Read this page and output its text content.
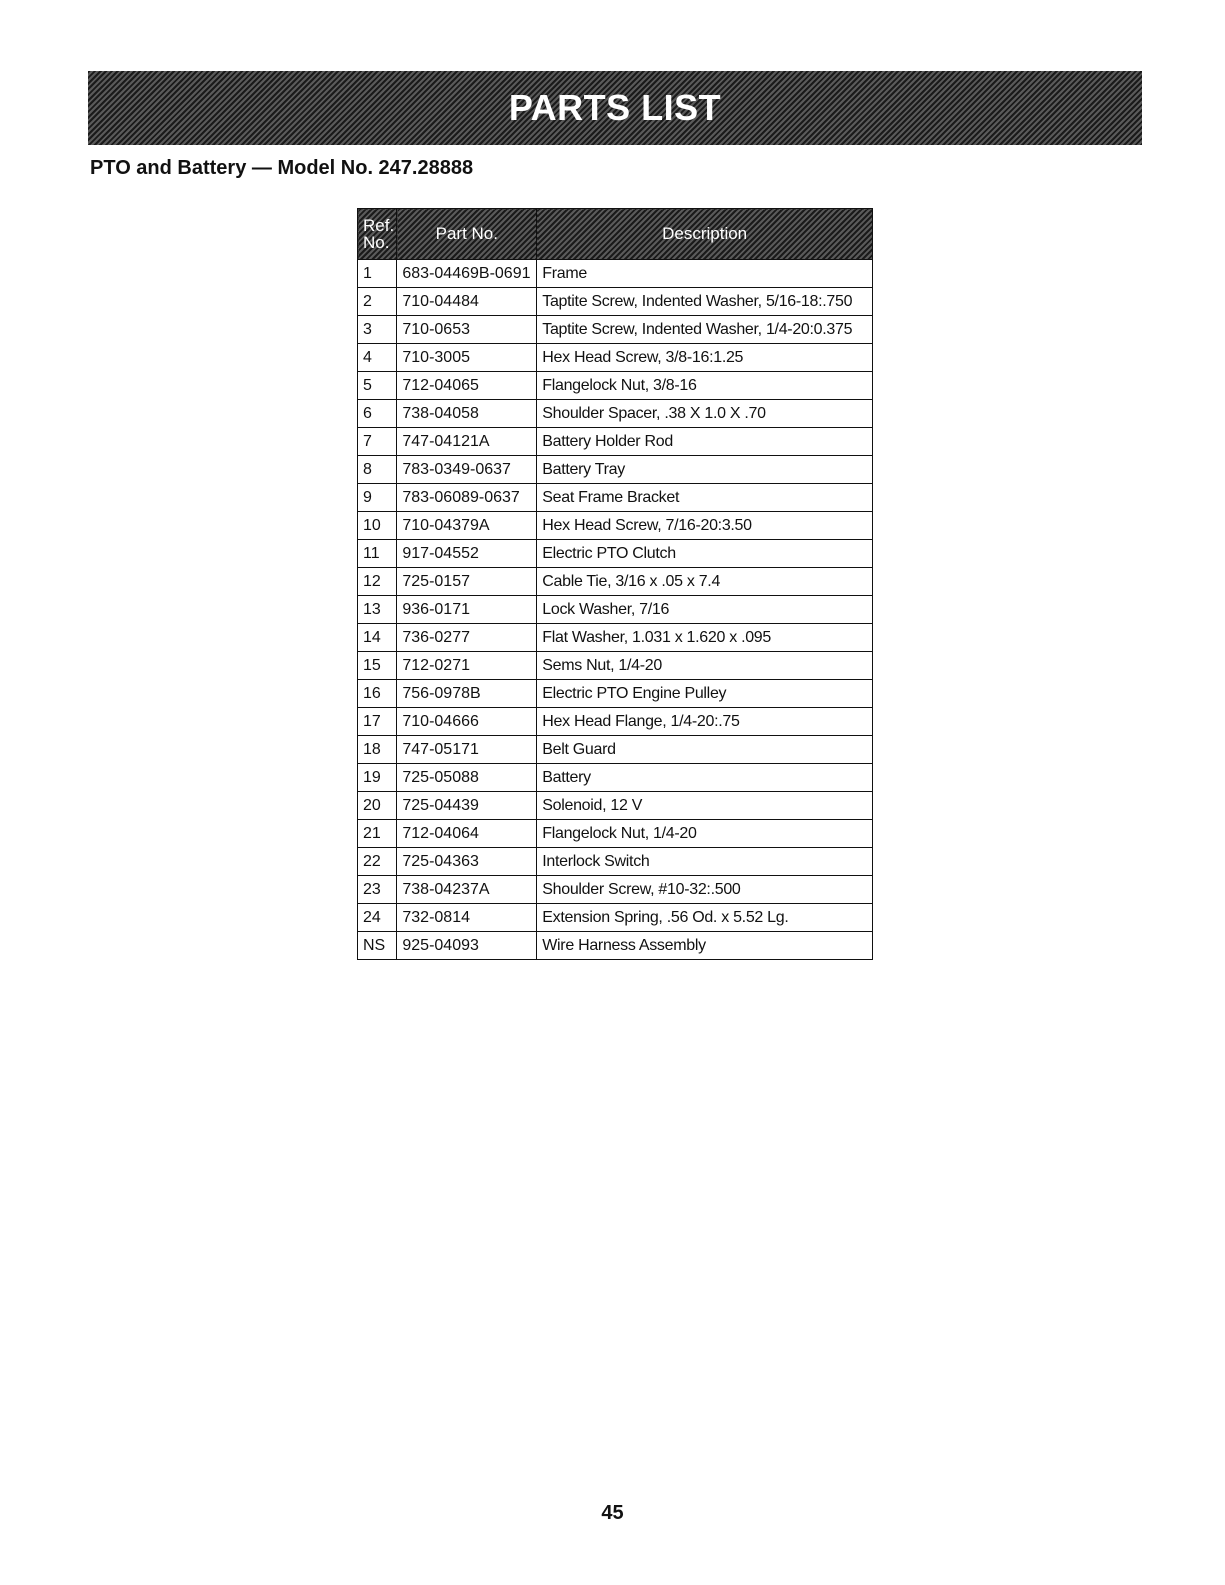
PARTS LIST
PTO and Battery — Model No. 247.28888
Ref.
No.	Part No.	Description
1	683-04469B-0691	Frame
2	710-04484	Taptite Screw, Indented Washer, 5/16-18:.750
3	710-0653	Taptite Screw, Indented Washer, 1/4-20:0.375
4	710-3005	Hex Head Screw, 3/8-16:1.25
5	712-04065	Flangelock Nut, 3/8-16
6	738-04058	Shoulder Spacer, .38 X 1.0 X .70
7	747-04121A	Battery Holder Rod
8	783-0349-0637	Battery Tray
9	783-06089-0637	Seat Frame Bracket
10	710-04379A	Hex Head Screw, 7/16-20:3.50
11	917-04552	Electric PTO Clutch
12	725-0157	Cable Tie, 3/16 x .05 x 7.4
13	936-0171	Lock Washer, 7/16
14	736-0277	Flat Washer, 1.031 x 1.620 x .095
15	712-0271	Sems Nut, 1/4-20
16	756-0978B	Electric PTO Engine Pulley
17	710-04666	Hex Head Flange, 1/4-20:.75
18	747-05171	Belt Guard
19	725-05088	Battery
20	725-04439	Solenoid, 12 V
21	712-04064	Flangelock Nut, 1/4-20
22	725-04363	Interlock Switch
23	738-04237A	Shoulder Screw, #10-32:.500
24	732-0814	Extension Spring, .56 Od. x 5.52 Lg.
NS	925-04093	Wire Harness Assembly
45
